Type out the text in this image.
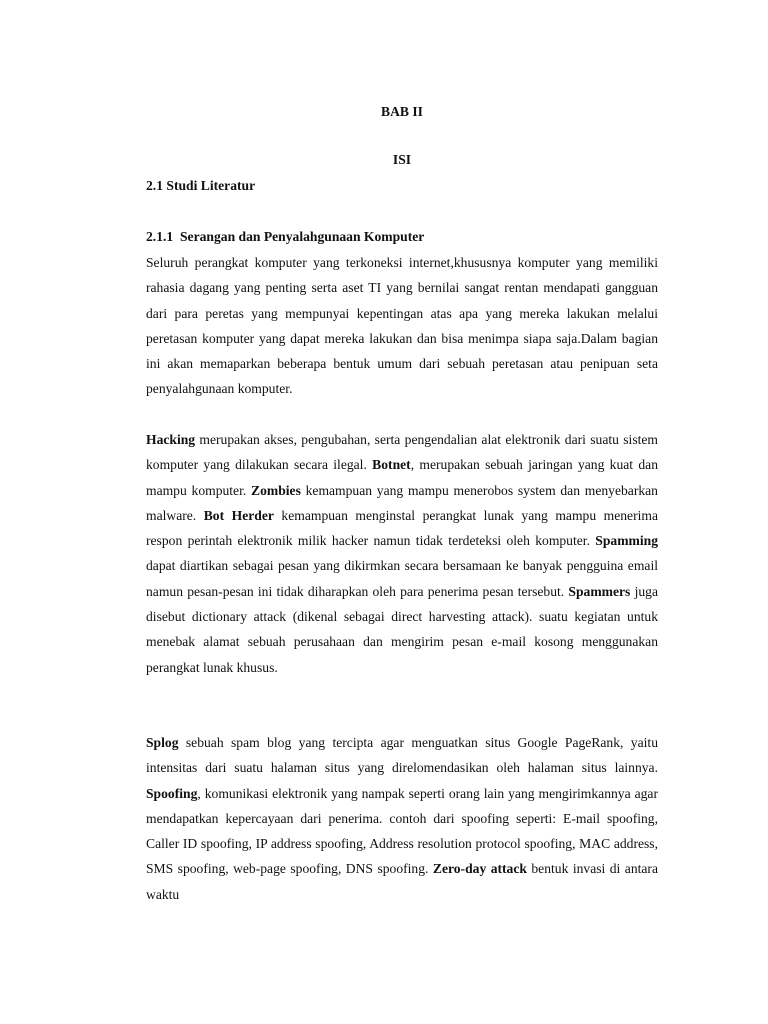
BAB II
ISI
2.1 Studi Literatur
2.1.1  Serangan dan Penyalahgunaan Komputer

Seluruh perangkat komputer yang terkoneksi internet,khususnya komputer yang memiliki rahasia dagang yang penting serta aset TI yang bernilai sangat rentan mendapati gangguan dari para peretas yang mempunyai kepentingan atas apa yang mereka lakukan melalui peretasan komputer yang dapat mereka lakukan dan bisa menimpa siapa saja.Dalam bagian ini akan memaparkan beberapa bentuk umum dari sebuah peretasan atau penipuan seta penyalahgunaan komputer.

Hacking merupakan akses, pengubahan, serta pengendalian alat elektronik dari suatu sistem komputer yang dilakukan secara ilegal. Botnet, merupakan sebuah jaringan yang kuat dan mampu komputer. Zombies kemampuan yang mampu menerobos system dan menyebarkan malware. Bot Herder kemampuan menginstal perangkat lunak yang mampu menerima respon perintah elektronik milik hacker namun tidak terdeteksi oleh komputer. Spamming dapat diartikan sebagai pesan yang dikirmkan secara bersamaan ke banyak pengguina email namun pesan-pesan ini tidak diharapkan oleh para penerima pesan tersebut. Spammers juga disebut dictionary attack (dikenal sebagai direct harvesting attack). suatu kegiatan untuk menebak alamat sebuah perusahaan dan mengirim pesan e-mail kosong menggunakan perangkat lunak khusus.

Splog sebuah spam blog yang tercipta agar menguatkan situs Google PageRank, yaitu intensitas dari suatu halaman situs yang direlomendasikan oleh halaman situs lainnya. Spoofing, komunikasi elektronik yang nampak seperti orang lain yang mengirimkannya agar mendapatkan kepercayaan dari penerima. contoh dari spoofing seperti: E-mail spoofing, Caller ID spoofing, IP address spoofing, Address resolution protocol spoofing, MAC address, SMS spoofing, web-page spoofing, DNS spoofing. Zero-day attack bentuk invasi di antara waktu
